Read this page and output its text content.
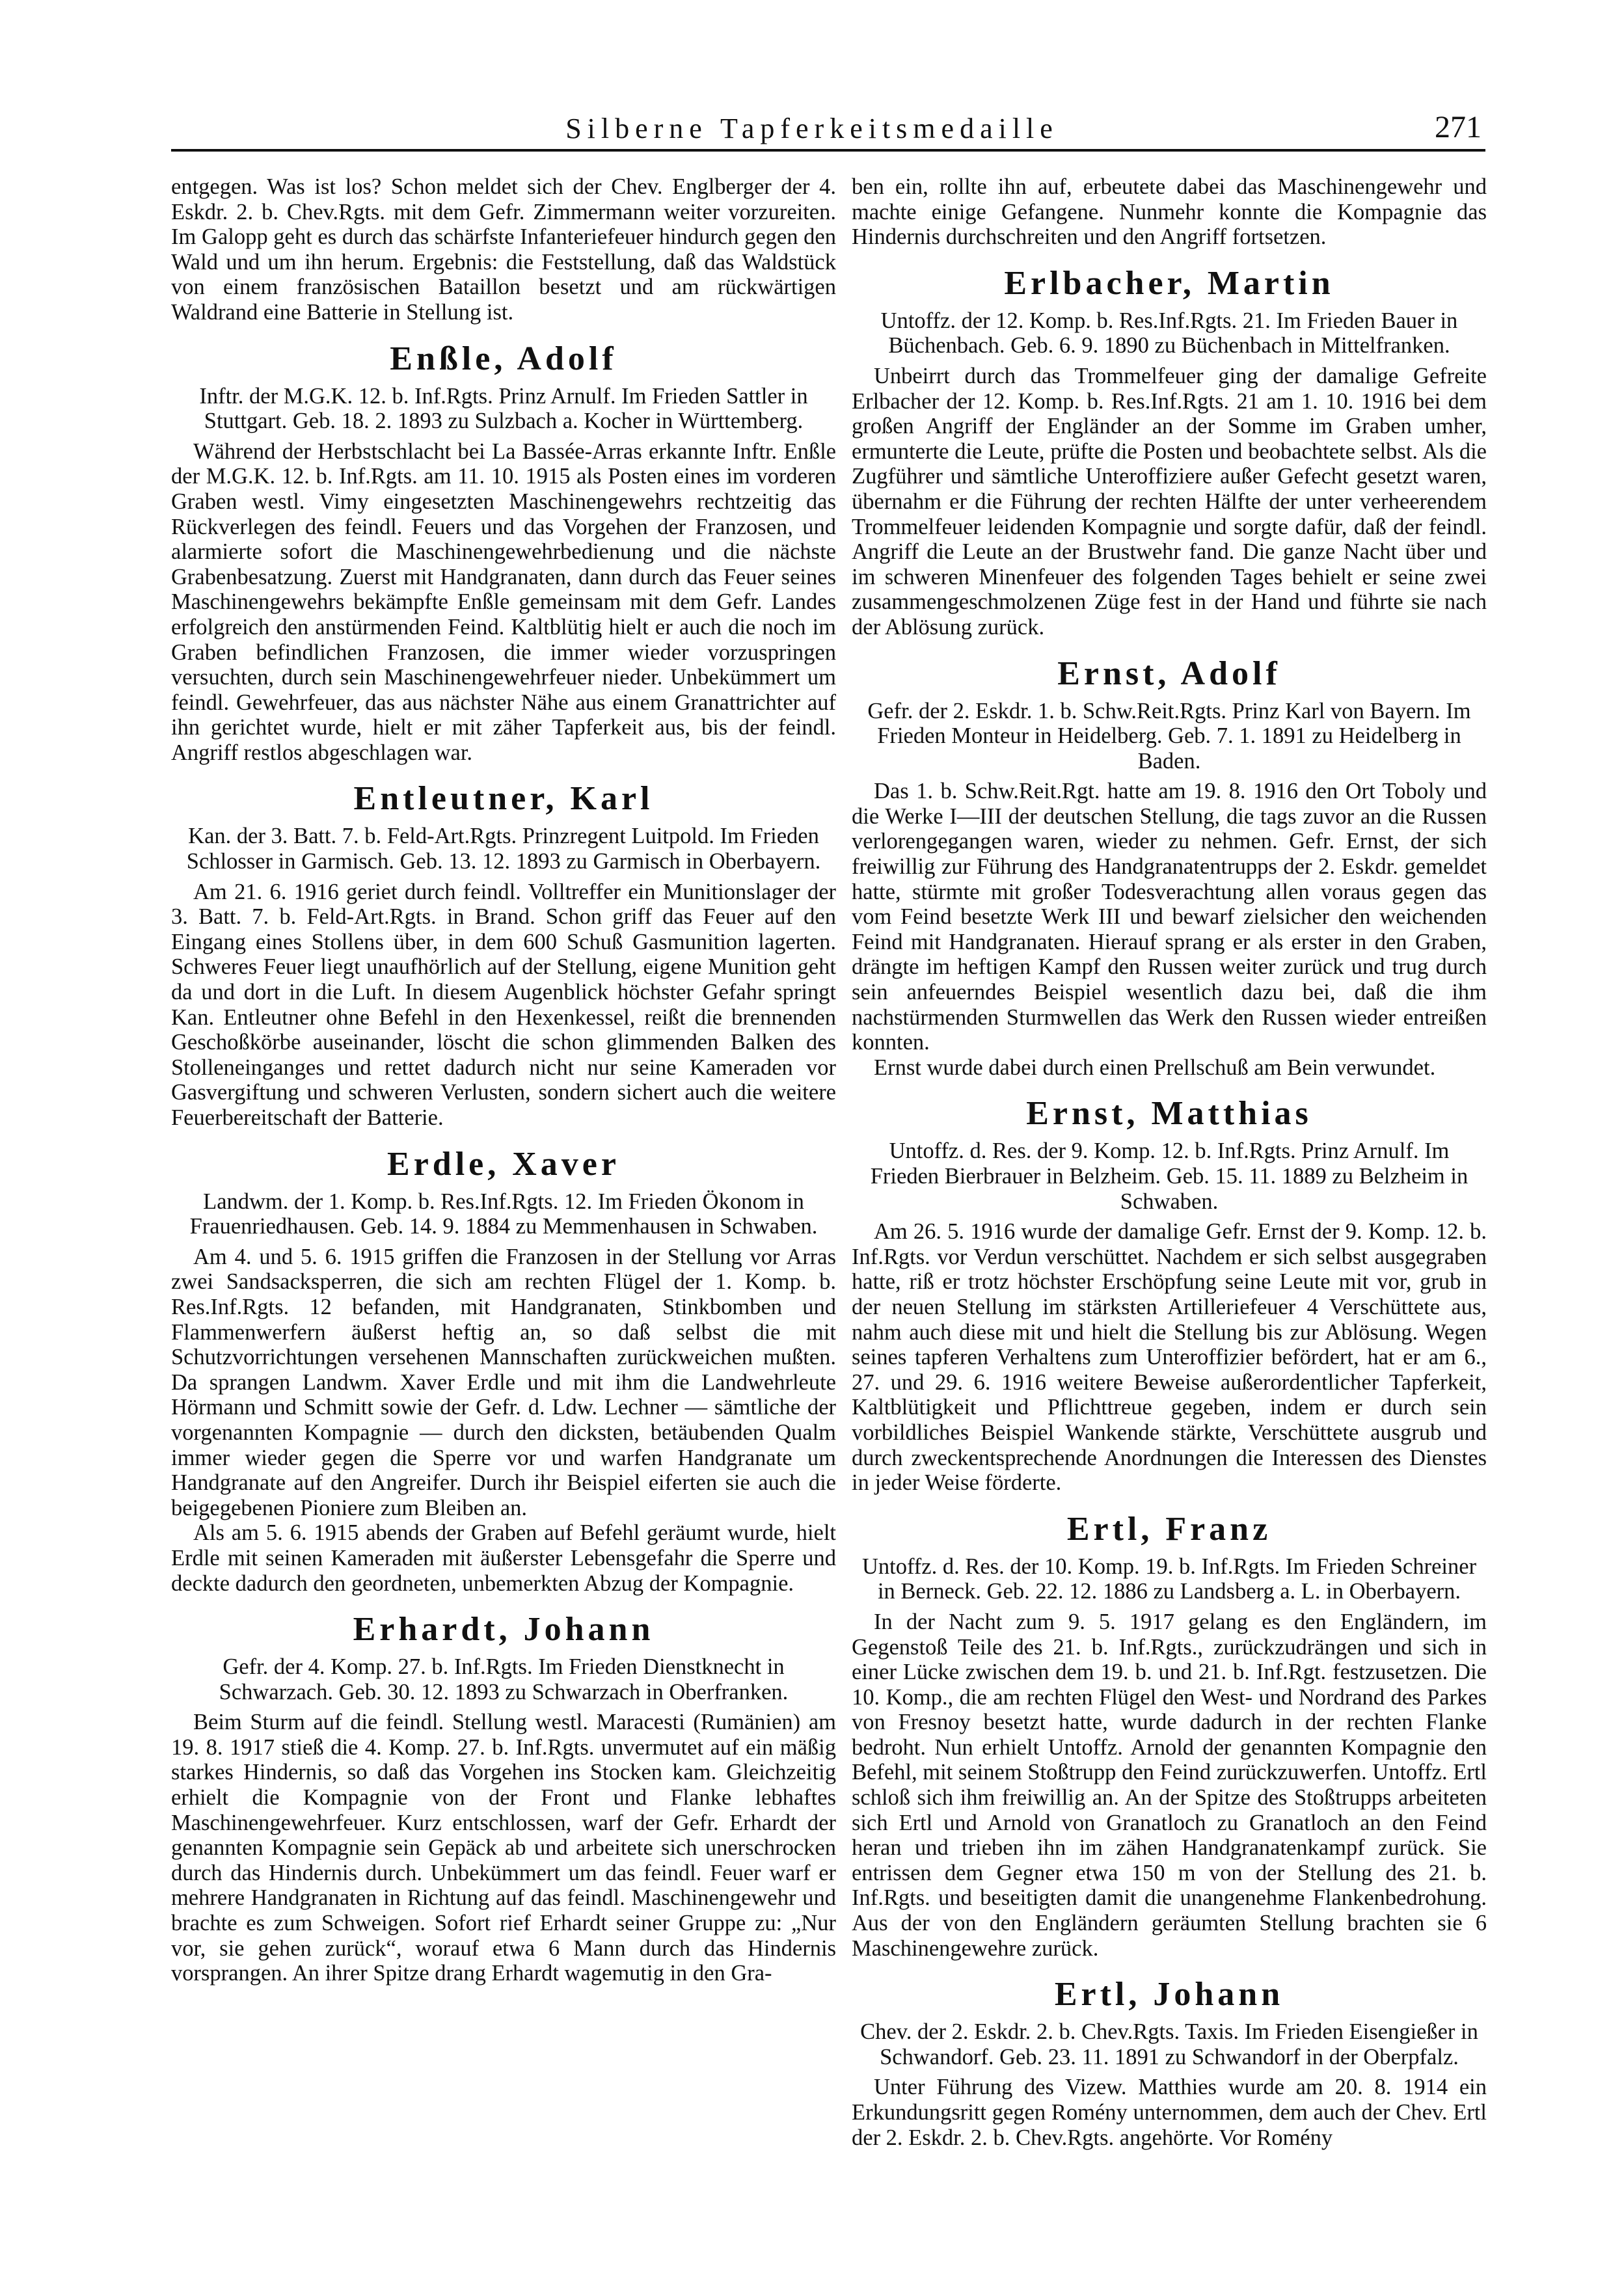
Silberne Tapferkeitsmedaille	271

entgegen. Was ist los? Schon meldet sich der Chev. Englberger der 4. Eskdr. 2. b. Chev.Rgts. mit dem Gefr. Zimmermann weiter vorzureiten. Im Galopp geht es durch das schärfste Infanteriefeuer hindurch gegen den Wald und um ihn herum. Ergebnis: die Feststellung, daß das Waldstück von einem französischen Bataillon besetzt und am rückwärtigen Waldrand eine Batterie in Stellung ist.

Enßle, Adolf

Inftr. der M.G.K. 12. b. Inf.Rgts. Prinz Arnulf. Im Frieden Sattler in Stuttgart. Geb. 18. 2. 1893 zu Sulzbach a. Kocher in Württemberg.

Während der Herbstschlacht bei La Bassée-Arras erkannte Inftr. Enßle der M.G.K. 12. b. Inf.Rgts. am 11. 10. 1915 als Posten eines im vorderen Graben westl. Vimy eingesetzten Maschinengewehrs rechtzeitig das Rückverlegen des feindl. Feuers und das Vorgehen der Franzosen, und alarmierte sofort die Maschinengewehrbedienung und die nächste Grabenbesatzung. Zuerst mit Handgranaten, dann durch das Feuer seines Maschinengewehrs bekämpfte Enßle gemeinsam mit dem Gefr. Landes erfolgreich den anstürmenden Feind. Kaltblütig hielt er auch die noch im Graben befindlichen Franzosen, die immer wieder vorzuspringen versuchten, durch sein Maschinengewehrfeuer nieder. Unbekümmert um feindl. Gewehrfeuer, das aus nächster Nähe aus einem Granattrichter auf ihn gerichtet wurde, hielt er mit zäher Tapferkeit aus, bis der feindl. Angriff restlos abgeschlagen war.

Entleutner, Karl

Kan. der 3. Batt. 7. b. Feld-Art.Rgts. Prinzregent Luitpold. Im Frieden Schlosser in Garmisch. Geb. 13. 12. 1893 zu Garmisch in Oberbayern.

Am 21. 6. 1916 geriet durch feindl. Volltreffer ein Munitionslager der 3. Batt. 7. b. Feld-Art.Rgts. in Brand. Schon griff das Feuer auf den Eingang eines Stollens über, in dem 600 Schuß Gasmunition lagerten. Schweres Feuer liegt unaufhörlich auf der Stellung, eigene Munition geht da und dort in die Luft. In diesem Augenblick höchster Gefahr springt Kan. Entleutner ohne Befehl in den Hexenkessel, reißt die brennenden Geschoßkörbe auseinander, löscht die schon glimmenden Balken des Stolleneinganges und rettet dadurch nicht nur seine Kameraden vor Gasvergiftung und schweren Verlusten, sondern sichert auch die weitere Feuerbereitschaft der Batterie.

Erdle, Xaver

Landwm. der 1. Komp. b. Res.Inf.Rgts. 12. Im Frieden Ökonom in Frauenriedhausen. Geb. 14. 9. 1884 zu Memmenhausen in Schwaben.

Am 4. und 5. 6. 1915 griffen die Franzosen in der Stellung vor Arras zwei Sandsacksperren, die sich am rechten Flügel der 1. Komp. b. Res.Inf.Rgts. 12 befanden, mit Handgranaten, Stinkbomben und Flammenwerfern äußerst heftig an, so daß selbst die mit Schutzvorrichtungen versehenen Mannschaften zurückweichen mußten. Da sprangen Landwm. Xaver Erdle und mit ihm die Landwehrleute Hörmann und Schmitt sowie der Gefr. d. Ldw. Lechner — sämtliche der vorgenannten Kompagnie — durch den dicksten, betäubenden Qualm immer wieder gegen die Sperre vor und warfen Handgranate um Handgranate auf den Angreifer. Durch ihr Beispiel eiferten sie auch die beigegebenen Pioniere zum Bleiben an.

Als am 5. 6. 1915 abends der Graben auf Befehl geräumt wurde, hielt Erdle mit seinen Kameraden mit äußerster Lebensgefahr die Sperre und deckte dadurch den geordneten, unbemerkten Abzug der Kompagnie.

Erhardt, Johann

Gefr. der 4. Komp. 27. b. Inf.Rgts. Im Frieden Dienstknecht in Schwarzach. Geb. 30. 12. 1893 zu Schwarzach in Oberfranken.

Beim Sturm auf die feindl. Stellung westl. Maracesti (Rumänien) am 19. 8. 1917 stieß die 4. Komp. 27. b. Inf.Rgts. unvermutet auf ein mäßig starkes Hindernis, so daß das Vorgehen ins Stocken kam. Gleichzeitig erhielt die Kompagnie von der Front und Flanke lebhaftes Maschinengewehrfeuer. Kurz entschlossen, warf der Gefr. Erhardt der genannten Kompagnie sein Gepäck ab und arbeitete sich unerschrocken durch das Hindernis durch. Unbekümmert um das feindl. Feuer warf er mehrere Handgranaten in Richtung auf das feindl. Maschinengewehr und brachte es zum Schweigen. Sofort rief Erhardt seiner Gruppe zu: „Nur vor, sie gehen zurück“, worauf etwa 6 Mann durch das Hindernis vorsprangen. An ihrer Spitze drang Erhardt wagemutig in den Gra-

ben ein, rollte ihn auf, erbeutete dabei das Maschinengewehr und machte einige Gefangene. Nunmehr konnte die Kompagnie das Hindernis durchschreiten und den Angriff fortsetzen.

Erlbacher, Martin

Untoffz. der 12. Komp. b. Res.Inf.Rgts. 21. Im Frieden Bauer in Büchenbach. Geb. 6. 9. 1890 zu Büchenbach in Mittelfranken.

Unbeirrt durch das Trommelfeuer ging der damalige Gefreite Erlbacher der 12. Komp. b. Res.Inf.Rgts. 21 am 1. 10. 1916 bei dem großen Angriff der Engländer an der Somme im Graben umher, ermunterte die Leute, prüfte die Posten und beobachtete selbst. Als die Zugführer und sämtliche Unteroffiziere außer Gefecht gesetzt waren, übernahm er die Führung der rechten Hälfte der unter verheerendem Trommelfeuer leidenden Kompagnie und sorgte dafür, daß der feindl. Angriff die Leute an der Brustwehr fand. Die ganze Nacht über und im schweren Minenfeuer des folgenden Tages behielt er seine zwei zusammengeschmolzenen Züge fest in der Hand und führte sie nach der Ablösung zurück.

Ernst, Adolf

Gefr. der 2. Eskdr. 1. b. Schw.Reit.Rgts. Prinz Karl von Bayern. Im Frieden Monteur in Heidelberg. Geb. 7. 1. 1891 zu Heidelberg in Baden.

Das 1. b. Schw.Reit.Rgt. hatte am 19. 8. 1916 den Ort Toboly und die Werke I—III der deutschen Stellung, die tags zuvor an die Russen verlorengegangen waren, wieder zu nehmen. Gefr. Ernst, der sich freiwillig zur Führung des Handgranatentrupps der 2. Eskdr. gemeldet hatte, stürmte mit großer Todesverachtung allen voraus gegen das vom Feind besetzte Werk III und bewarf zielsicher den weichenden Feind mit Handgranaten. Hierauf sprang er als erster in den Graben, drängte im heftigen Kampf den Russen weiter zurück und trug durch sein anfeuerndes Beispiel wesentlich dazu bei, daß die ihm nachstürmenden Sturmwellen das Werk den Russen wieder entreißen konnten.

Ernst wurde dabei durch einen Prellschuß am Bein verwundet.

Ernst, Matthias

Untoffz. d. Res. der 9. Komp. 12. b. Inf.Rgts. Prinz Arnulf. Im Frieden Bierbrauer in Belzheim. Geb. 15. 11. 1889 zu Belzheim in Schwaben.

Am 26. 5. 1916 wurde der damalige Gefr. Ernst der 9. Komp. 12. b. Inf.Rgts. vor Verdun verschüttet. Nachdem er sich selbst ausgegraben hatte, riß er trotz höchster Erschöpfung seine Leute mit vor, grub in der neuen Stellung im stärksten Artilleriefeuer 4 Verschüttete aus, nahm auch diese mit und hielt die Stellung bis zur Ablösung. Wegen seines tapferen Verhaltens zum Unteroffizier befördert, hat er am 6., 27. und 29. 6. 1916 weitere Beweise außerordentlicher Tapferkeit, Kaltblütigkeit und Pflichttreue gegeben, indem er durch sein vorbildliches Beispiel Wankende stärkte, Verschüttete ausgrub und durch zweckentsprechende Anordnungen die Interessen des Dienstes in jeder Weise förderte.

Ertl, Franz

Untoffz. d. Res. der 10. Komp. 19. b. Inf.Rgts. Im Frieden Schreiner in Berneck. Geb. 22. 12. 1886 zu Landsberg a. L. in Oberbayern.

In der Nacht zum 9. 5. 1917 gelang es den Engländern, im Gegenstoß Teile des 21. b. Inf.Rgts., zurückzudrängen und sich in einer Lücke zwischen dem 19. b. und 21. b. Inf.Rgt. festzusetzen. Die 10. Komp., die am rechten Flügel den West- und Nordrand des Parkes von Fresnoy besetzt hatte, wurde dadurch in der rechten Flanke bedroht. Nun erhielt Untoffz. Arnold der genannten Kompagnie den Befehl, mit seinem Stoßtrupp den Feind zurückzuwerfen. Untoffz. Ertl schloß sich ihm freiwillig an. An der Spitze des Stoßtrupps arbeiteten sich Ertl und Arnold von Granatloch zu Granatloch an den Feind heran und trieben ihn im zähen Handgranatenkampf zurück. Sie entrissen dem Gegner etwa 150 m von der Stellung des 21. b. Inf.Rgts. und beseitigten damit die unangenehme Flankenbedrohung. Aus der von den Engländern geräumten Stellung brachten sie 6 Maschinengewehre zurück.

Ertl, Johann

Chev. der 2. Eskdr. 2. b. Chev.Rgts. Taxis. Im Frieden Eisengießer in Schwandorf. Geb. 23. 11. 1891 zu Schwandorf in der Oberpfalz.

Unter Führung des Vizew. Matthies wurde am 20. 8. 1914 ein Erkundungsritt gegen Romény unternommen, dem auch der Chev. Ertl der 2. Eskdr. 2. b. Chev.Rgts. angehörte. Vor Romény
